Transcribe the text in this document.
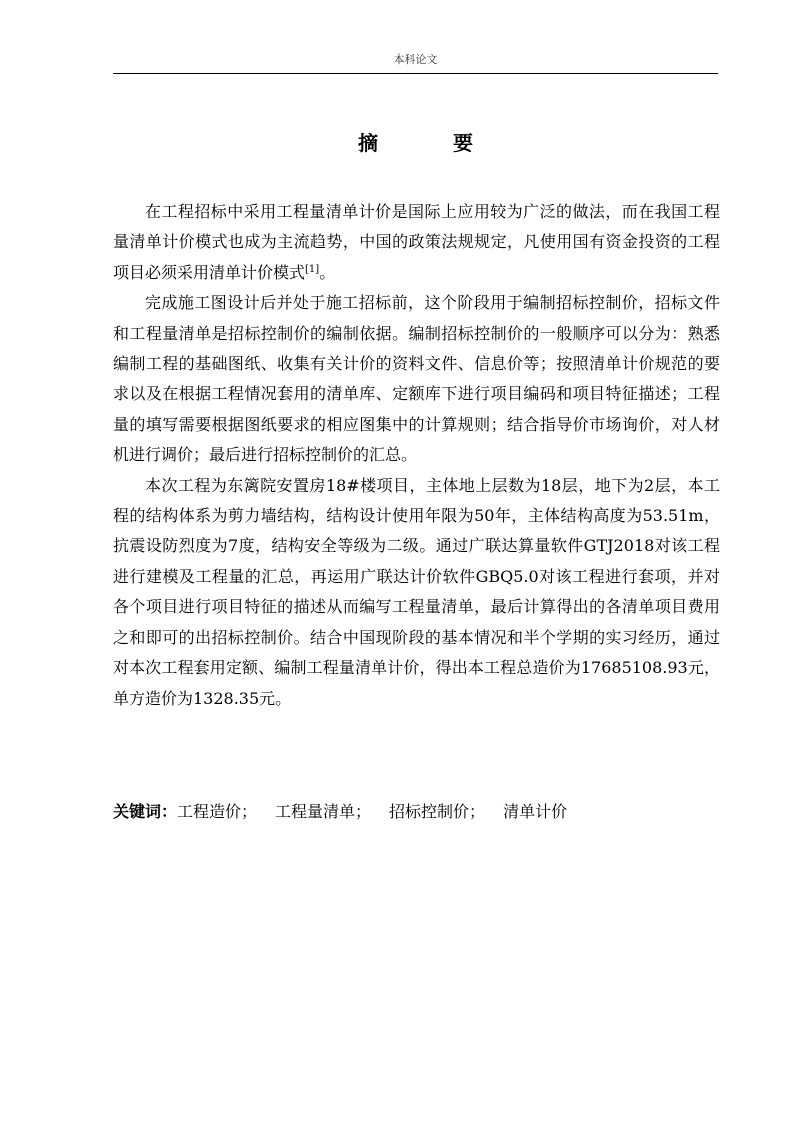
本科论文
摘 要

在工程招标中采用工程量清单计价是国际上应用较为广泛的做法，而在我国工程量清单计价模式也成为主流趋势，中国的政策法规规定，凡使用国有资金投资的工程项目必须采用清单计价模式[1]。

完成施工图设计后并处于施工招标前，这个阶段用于编制招标控制价，招标文件和工程量清单是招标控制价的编制依据。编制招标控制价的一般顺序可以分为：熟悉编制工程的基础图纸、收集有关计价的资料文件、信息价等；按照清单计价规范的要求以及在根据工程情况套用的清单库、定额库下进行项目编码和项目特征描述；工程量的填写需要根据图纸要求的相应图集中的计算规则；结合指导价市场询价，对人材机进行调价；最后进行招标控制价的汇总。

本次工程为东篱院安置房18#楼项目，主体地上层数为18层，地下为2层，本工程的结构体系为剪力墙结构，结构设计使用年限为50年，主体结构高度为53.51m，抗震设防烈度为7度，结构安全等级为二级。通过广联达算量软件GTJ2018对该工程进行建模及工程量的汇总，再运用广联达计价软件GBQ5.0对该工程进行套项，并对各个项目进行项目特征的描述从而编写工程量清单，最后计算得出的各清单项目费用之和即可的出招标控制价。结合中国现阶段的基本情况和半个学期的实习经历，通过对本次工程套用定额、编制工程量清单计价，得出本工程总造价为17685108.93元，单方造价为1328.35元。

关键词：工程造价； 工程量清单； 招标控制价； 清单计价
